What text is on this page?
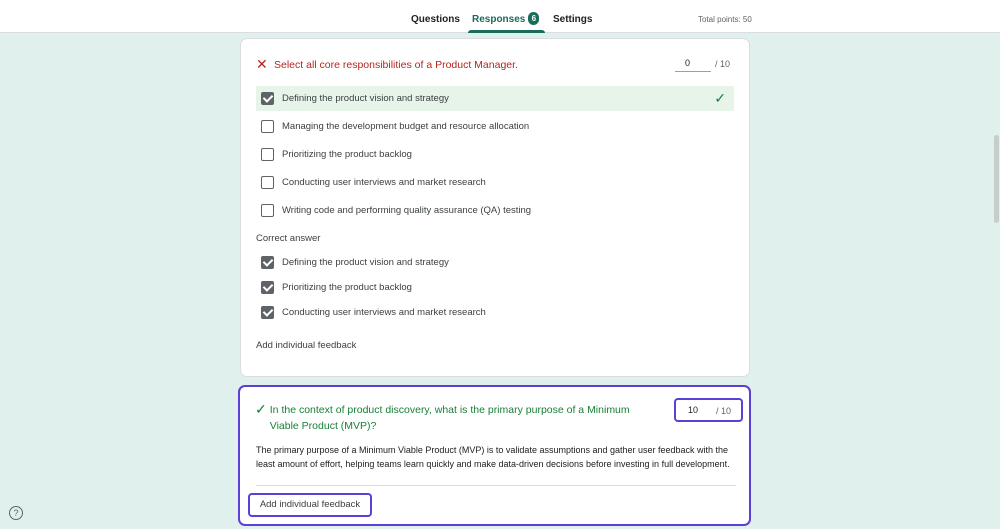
Questions Responses 6	Settings	Total points: 50
✕ Select all core responsibilities of a Product Manager.	0	/ 10
Defining the product vision and strategy	✓
Managing the development budget and resource allocation
Prioritizing the product backlog
Conducting user interviews and market research
Writing code and performing quality assurance (QA) testing
Correct answer
Defining the product vision and strategy
Prioritizing the product backlog
Conducting user interviews and market research
Add individual feedback
✓ In the context of product discovery, what is the primary purpose of a Minimum Viable Product (MVP)?
10	/ 10
The primary purpose of a Minimum Viable Product (MVP) is to validate assumptions and gather user feedback with the least amount of effort, helping teams learn quickly and make data-driven decisions before investing in full development.
Add individual feedback
?
